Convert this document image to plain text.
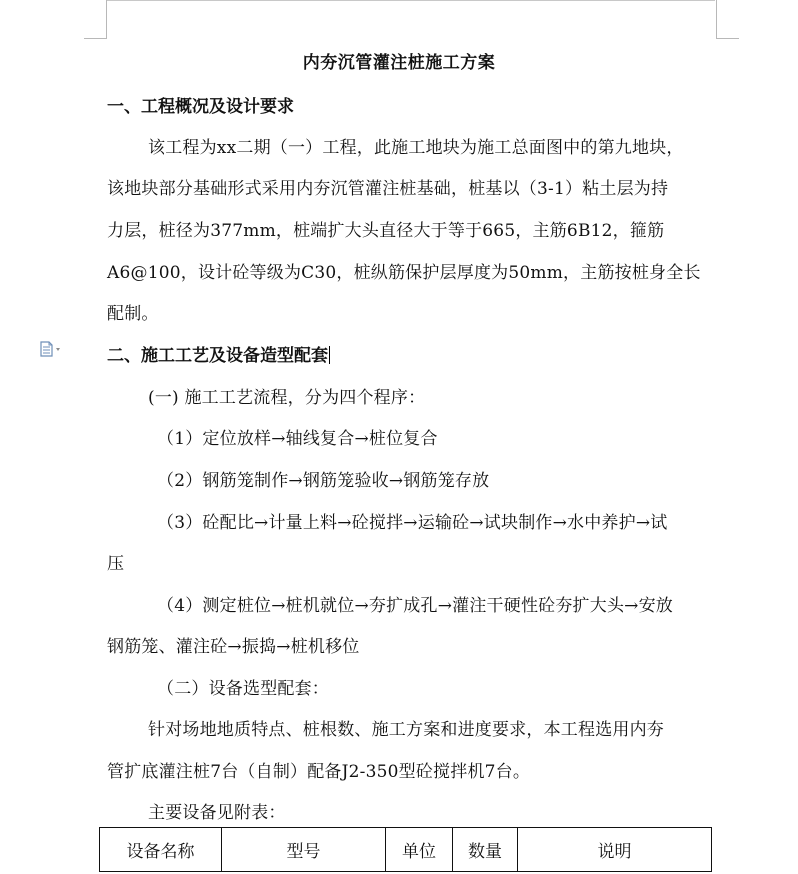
内夯沉管灌注桩施工方案
一、工程概况及设计要求
该工程为xx二期（一）工程，此施工地块为施工总面图中的第九地块，
该地块部分基础形式采用内夯沉管灌注桩基础，桩基以（3-1）粘土层为持
力层，桩径为377mm，桩端扩大头直径大于等于665，主筋6B12，箍筋
A6@100，设计砼等级为C30，桩纵筋保护层厚度为50mm，主筋按桩身全长
配制。
二、施工工艺及设备造型配套
(一) 施工工艺流程，分为四个程序：
（1）定位放样→轴线复合→桩位复合
（2）钢筋笼制作→钢筋笼验收→钢筋笼存放
（3）砼配比→计量上料→砼搅拌→运输砼→试块制作→水中养护→试
压
（4）测定桩位→桩机就位→夯扩成孔→灌注干硬性砼夯扩大头→安放
钢筋笼、灌注砼→振捣→桩机移位
（二）设备选型配套：
针对场地地质特点、桩根数、施工方案和进度要求，本工程选用内夯
管扩底灌注桩7台（自制）配备J2-350型砼搅拌机7台。
主要设备见附表：
设备名称	型号	单位	数量	说明
